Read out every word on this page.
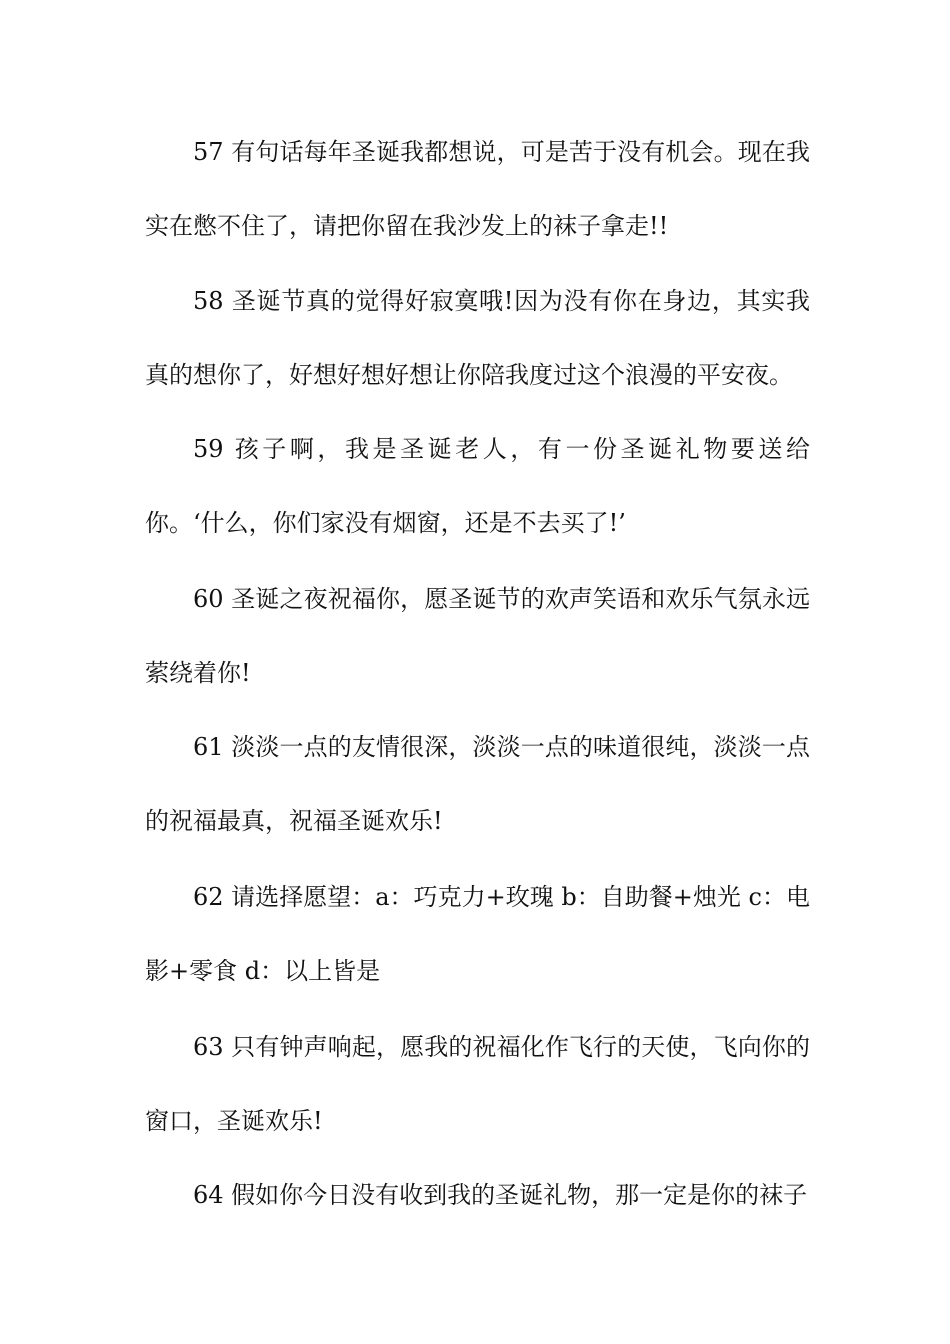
57 有句话每年圣诞我都想说，可是苦于没有机会。现在我实在憋不住了，请把你留在我沙发上的袜子拿走!!

58 圣诞节真的觉得好寂寞哦!因为没有你在身边，其实我真的想你了，好想好想好想让你陪我度过这个浪漫的平安夜。

59 孩子啊，我是圣诞老人，有一份圣诞礼物要送给你。‘什么，你们家没有烟窗，还是不去买了!’

60 圣诞之夜祝福你，愿圣诞节的欢声笑语和欢乐气氛永远萦绕着你!

61 淡淡一点的友情很深，淡淡一点的味道很纯，淡淡一点的祝福最真，祝福圣诞欢乐!

62 请选择愿望：a：巧克力+玫瑰 b：自助餐+烛光 c：电影+零食 d：以上皆是

63 只有钟声响起，愿我的祝福化作飞行的天使，飞向你的窗口，圣诞欢乐!

64 假如你今日没有收到我的圣诞礼物，那一定是你的袜子
